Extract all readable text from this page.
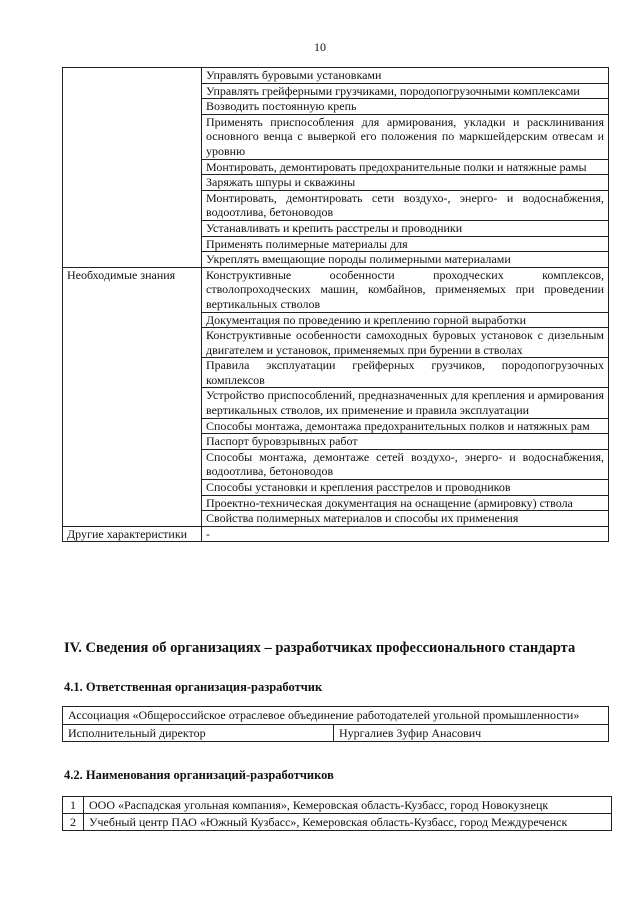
10
	Управлять буровыми установками
	Управлять грейферными грузчиками, породопогрузочными комплексами
	Возводить постоянную крепь
	Применять приспособления для армирования, укладки и расклинивания основного венца с выверкой его положения по маркшейдерским отвесам и уровню
	Монтировать, демонтировать предохранительные полки и натяжные рамы
	Заряжать шпуры и скважины
	Монтировать, демонтировать сети воздухо-, энерго- и водоснабжения, водоотлива, бетоноводов
	Устанавливать и крепить расстрелы и проводники
	Применять полимерные материалы для
	Укреплять вмещающие породы полимерными материалами
Необходимые знания	Конструктивные особенности проходческих комплексов, стволопроходческих машин, комбайнов, применяемых при проведении вертикальных стволов
	Документация по проведению и креплению горной выработки
	Конструктивные особенности самоходных буровых установок с дизельным двигателем и установок, применяемых при бурении в стволах
	Правила эксплуатации грейферных грузчиков, породопогрузочных комплексов
	Устройство приспособлений, предназначенных для крепления и армирования вертикальных стволов, их применение и правила эксплуатации
	Способы монтажа, демонтажа предохранительных полков и натяжных рам
	Паспорт буровзрывных работ
	Способы монтажа, демонтаже сетей воздухо-, энерго- и водоснабжения, водоотлива, бетоноводов
	Способы установки и крепления расстрелов и проводников
	Проектно-техническая документация на оснащение (армировку) ствола
	Свойства полимерных материалов и способы их применения
Другие характеристики	-
IV. Сведения об организациях – разработчиках профессионального стандарта
4.1. Ответственная организация-разработчик
Ассоциация «Общероссийское отраслевое объединение работодателей угольной промышленности»
Исполнительный директор	Нургалиев Зуфир Анасович
4.2. Наименования организаций-разработчиков
1	ООО «Распадская угольная компания», Кемеровская область-Кузбасс, город Новокузнецк
2	Учебный центр ПАО «Южный Кузбасс», Кемеровская область-Кузбасс, город Междуреченск
